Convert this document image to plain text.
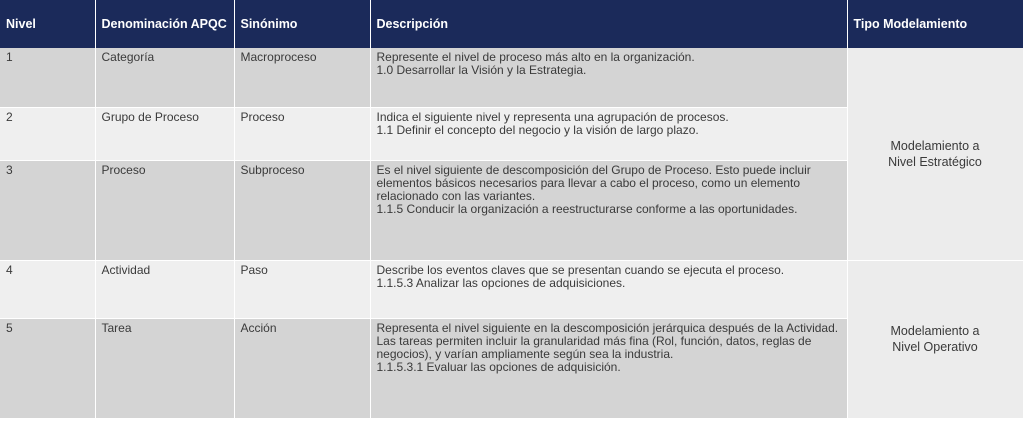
Nivel	Denominación APQC	Sinónimo	Descripción	Tipo Modelamiento
1	Categoría	Macroproceso	Represente el nivel de proceso más alto en la organización.
1.0 Desarrollar la Visión y la Estrategia.	Modelamiento a
Nivel Estratégico
2	Grupo de Proceso	Proceso	Indica el siguiente nivel y representa una agrupación de procesos.
1.1 Definir el concepto del negocio y la visión de largo plazo.	
3	Proceso	Subproceso	Es el nivel siguiente de descomposición del Grupo de Proceso. Esto puede incluir elementos básicos necesarios para llevar a cabo el proceso, como un elemento relacionado con las variantes.
1.1.5 Conducir la organización a reestructurarse conforme a las oportunidades.	
4	Actividad	Paso	Describe los eventos claves que se presentan cuando se ejecuta el proceso.
1.1.5.3 Analizar las opciones de adquisiciones.	Modelamiento a
Nivel Operativo
5	Tarea	Acción	Representa el nivel siguiente en la descomposición jerárquica después de la Actividad. Las tareas permiten incluir la granularidad más fina (Rol, función, datos, reglas de negocios), y varían ampliamente según sea la industria.
1.1.5.3.1 Evaluar las opciones de adquisición.	
